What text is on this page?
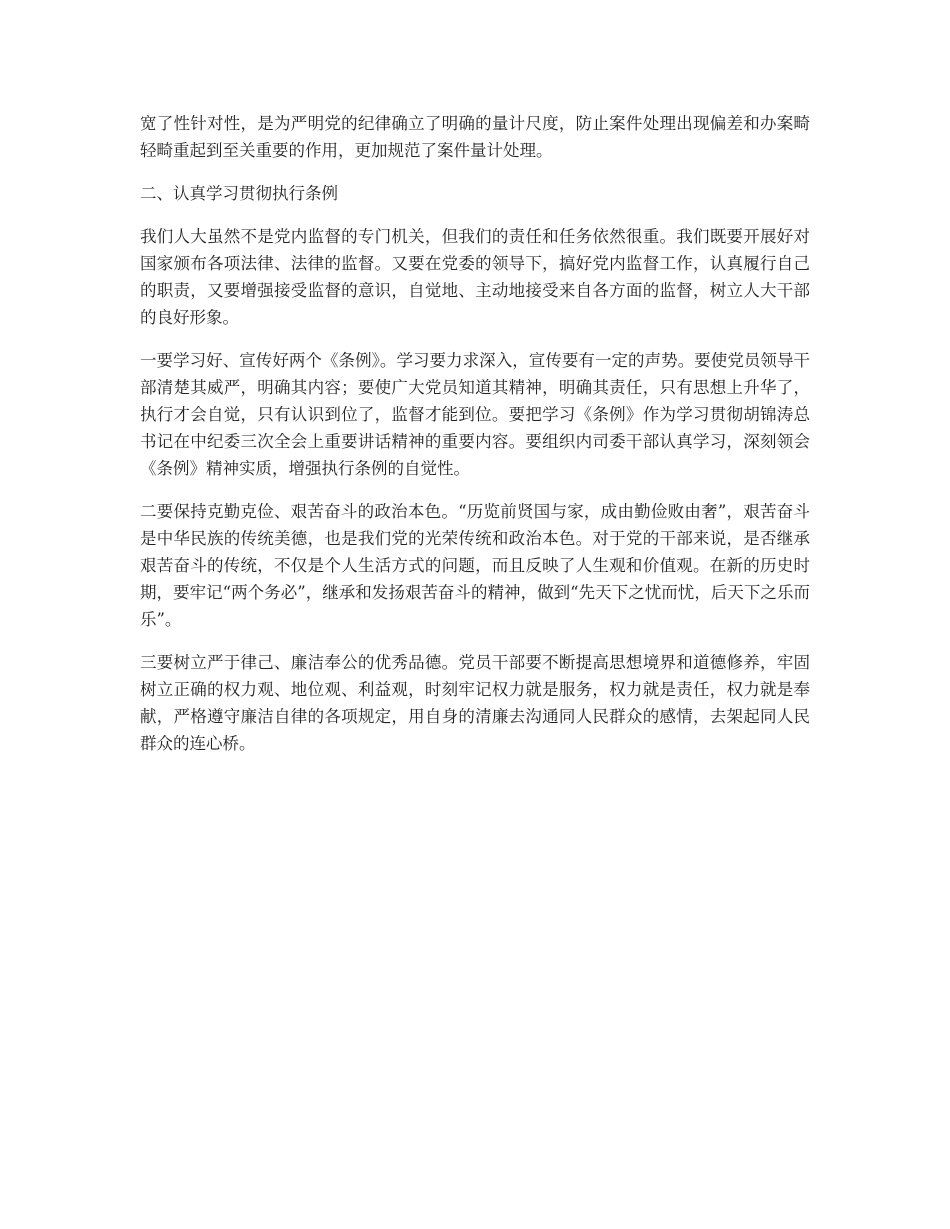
宽了性针对性，是为严明党的纪律确立了明确的量计尺度，防止案件处理出现偏差和办案畸轻畸重起到至关重要的作用，更加规范了案件量计处理。

二、认真学习贯彻执行条例

我们人大虽然不是党内监督的专门机关，但我们的责任和任务依然很重。我们既要开展好对国家颁布各项法律、法律的监督。又要在党委的领导下，搞好党内监督工作，认真履行自己的职责，又要增强接受监督的意识，自觉地、主动地接受来自各方面的监督，树立人大干部的良好形象。

一要学习好、宣传好两个《条例》。学习要力求深入，宣传要有一定的声势。要使党员领导干部清楚其威严，明确其内容；要使广大党员知道其精神，明确其责任，只有思想上升华了，执行才会自觉，只有认识到位了，监督才能到位。要把学习《条例》作为学习贯彻胡锦涛总书记在中纪委三次全会上重要讲话精神的重要内容。要组织内司委干部认真学习，深刻领会《条例》精神实质，增强执行条例的自觉性。

二要保持克勤克俭、艰苦奋斗的政治本色。“历览前贤国与家，成由勤俭败由奢”，艰苦奋斗是中华民族的传统美德，也是我们党的光荣传统和政治本色。对于党的干部来说，是否继承艰苦奋斗的传统，不仅是个人生活方式的问题，而且反映了人生观和价值观。在新的历史时期，要牢记“两个务必”，继承和发扬艰苦奋斗的精神，做到“先天下之忧而忧，后天下之乐而乐”。

三要树立严于律己、廉洁奉公的优秀品德。党员干部要不断提高思想境界和道德修养，牢固树立正确的权力观、地位观、利益观，时刻牢记权力就是服务，权力就是责任，权力就是奉献，严格遵守廉洁自律的各项规定，用自身的清廉去沟通同人民群众的感情，去架起同人民群众的连心桥。
